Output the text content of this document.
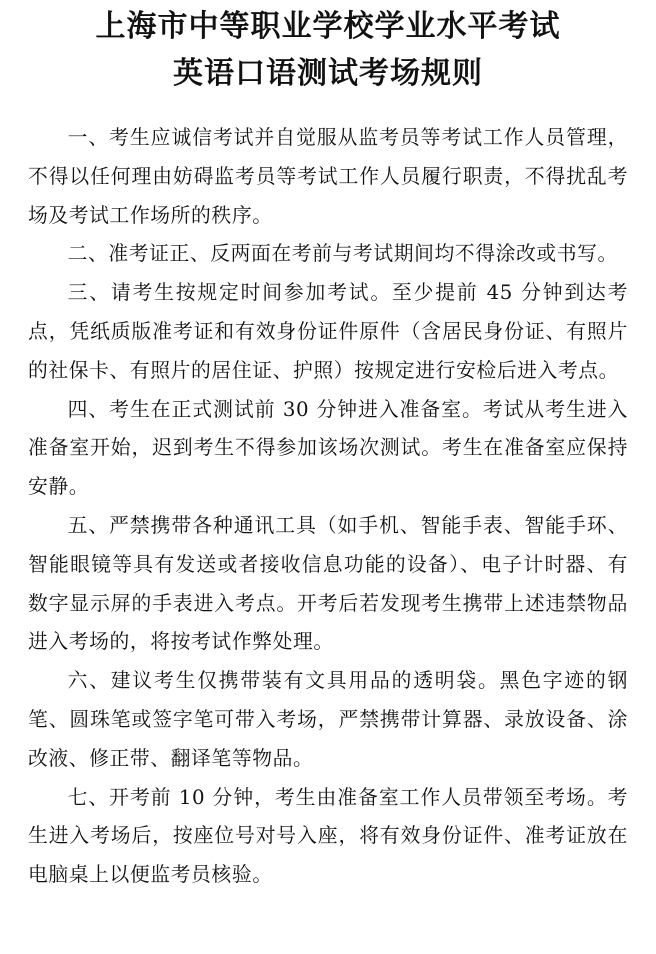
上海市中等职业学校学业水平考试
英语口语测试考场规则

一、考生应诚信考试并自觉服从监考员等考试工作人员管理，不得以任何理由妨碍监考员等考试工作人员履行职责，不得扰乱考场及考试工作场所的秩序。

二、准考证正、反两面在考前与考试期间均不得涂改或书写。

三、请考生按规定时间参加考试。至少提前 45 分钟到达考点，凭纸质版准考证和有效身份证件原件（含居民身份证、有照片的社保卡、有照片的居住证、护照）按规定进行安检后进入考点。

四、考生在正式测试前 30 分钟进入准备室。考试从考生进入准备室开始，迟到考生不得参加该场次测试。考生在准备室应保持安静。

五、严禁携带各种通讯工具（如手机、智能手表、智能手环、智能眼镜等具有发送或者接收信息功能的设备）、电子计时器、有数字显示屏的手表进入考点。开考后若发现考生携带上述违禁物品进入考场的，将按考试作弊处理。

六、建议考生仅携带装有文具用品的透明袋。黑色字迹的钢笔、圆珠笔或签字笔可带入考场，严禁携带计算器、录放设备、涂改液、修正带、翻译笔等物品。

七、开考前 10 分钟，考生由准备室工作人员带领至考场。考生进入考场后，按座位号对号入座，将有效身份证件、准考证放在电脑桌上以便监考员核验。
